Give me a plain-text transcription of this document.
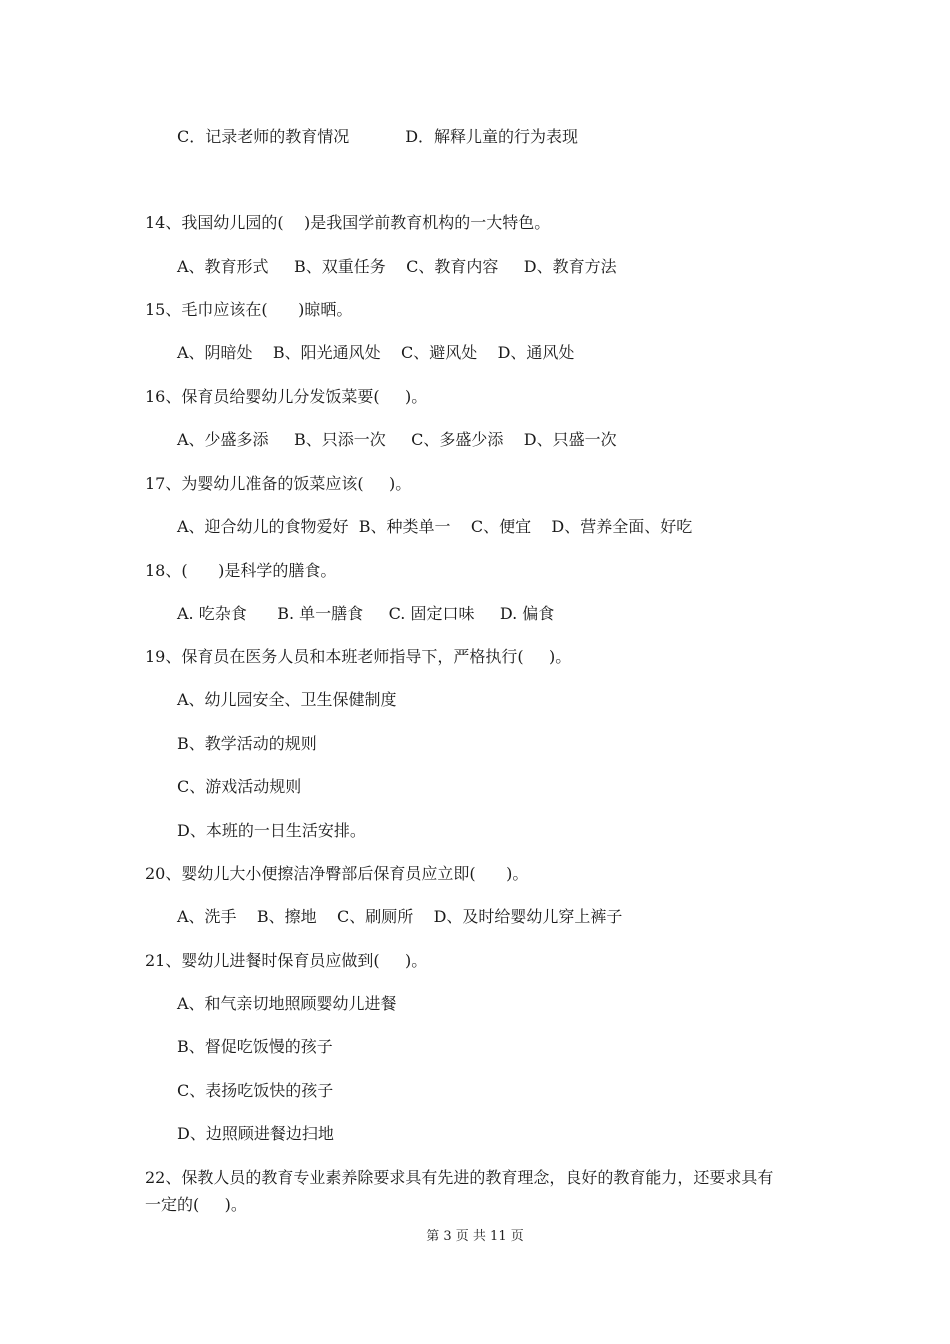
C．记录老师的教育情况           D．解释儿童的行为表现
14、我国幼儿园的(    )是我国学前教育机构的一大特色。
A、教育形式     B、双重任务    C、教育内容     D、教育方法
15、毛巾应该在(      )晾晒。
A、阴暗处    B、阳光通风处    C、避风处    D、通风处
16、保育员给婴幼儿分发饭菜要(     )。
A、少盛多添     B、只添一次     C、多盛少添    D、只盛一次
17、为婴幼儿准备的饭菜应该(     )。
A、迎合幼儿的食物爱好  B、种类单一    C、便宜    D、营养全面、好吃
18、(      )是科学的膳食。
A. 吃杂食      B. 单一膳食     C. 固定口味     D. 偏食
19、保育员在医务人员和本班老师指导下，严格执行(     )。
A、幼儿园安全、卫生保健制度
B、教学活动的规则
C、游戏活动规则
D、本班的一日生活安排。
20、婴幼儿大小便擦洁净臀部后保育员应立即(      )。
A、洗手    B、擦地    C、刷厕所    D、及时给婴幼儿穿上裤子
21、婴幼儿进餐时保育员应做到(     )。
A、和气亲切地照顾婴幼儿进餐
B、督促吃饭慢的孩子
C、表扬吃饭快的孩子
D、边照顾进餐边扫地
22、保教人员的教育专业素养除要求具有先进的教育理念，良好的教育能力，还要求具有
一定的(     )。
第 3 页 共 11 页
